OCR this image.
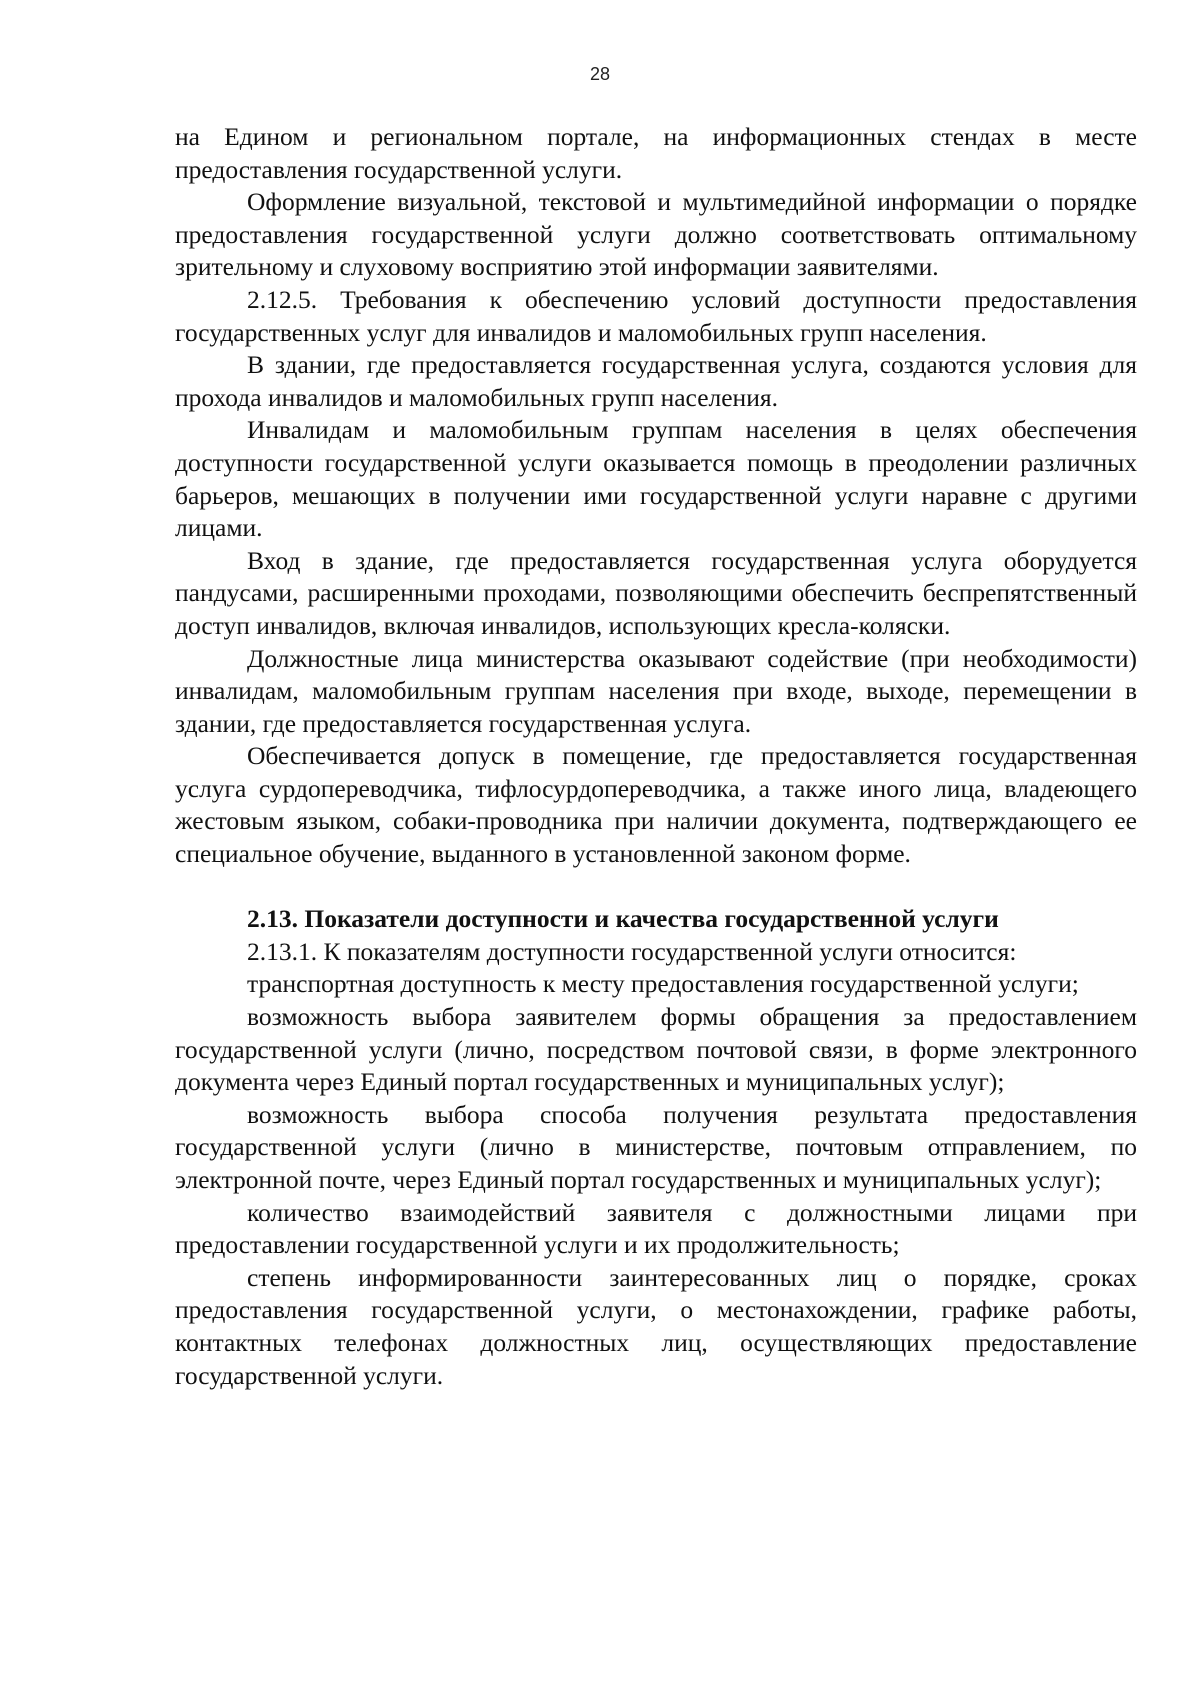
28

на Едином и региональном портале, на информационных стендах в месте предоставления государственной услуги.

Оформление визуальной, текстовой и мультимедийной информации о порядке предоставления государственной услуги должно соответствовать оптимальному зрительному и слуховому восприятию этой информации заявителями.

2.12.5. Требования к обеспечению условий доступности предоставления государственных услуг для инвалидов и маломобильных групп населения.

В здании, где предоставляется государственная услуга, создаются условия для прохода инвалидов и маломобильных групп населения.

Инвалидам и маломобильным группам населения в целях обеспечения доступности государственной услуги оказывается помощь в преодолении различных барьеров, мешающих в получении ими государственной услуги наравне с другими лицами.

Вход в здание, где предоставляется государственная услуга оборудуется пандусами, расширенными проходами, позволяющими обеспечить беспрепятственный доступ инвалидов, включая инвалидов, использующих кресла-коляски.

Должностные лица министерства оказывают содействие (при необходимости) инвалидам, маломобильным группам населения при входе, выходе, перемещении в здании, где предоставляется государственная услуга.

Обеспечивается допуск в помещение, где предоставляется государственная услуга сурдопереводчика, тифлосурдопереводчика, а также иного лица, владеющего жестовым языком, собаки-проводника при наличии документа, подтверждающего ее специальное обучение, выданного в установленной законом форме.

2.13. Показатели доступности и качества государственной услуги

2.13.1. К показателям доступности государственной услуги относится:

транспортная доступность к месту предоставления государственной услуги;

возможность выбора заявителем формы обращения за предоставлением государственной услуги (лично, посредством почтовой связи, в форме электронного документа через Единый портал государственных и муниципальных услуг);

возможность выбора способа получения результата предоставления государственной услуги (лично в министерстве, почтовым отправлением, по электронной почте, через Единый портал государственных и муниципальных услуг);

количество взаимодействий заявителя с должностными лицами при предоставлении государственной услуги и их продолжительность;

степень информированности заинтересованных лиц о порядке, сроках предоставления государственной услуги, о местонахождении, графике работы, контактных телефонах должностных лиц, осуществляющих предоставление государственной услуги.
